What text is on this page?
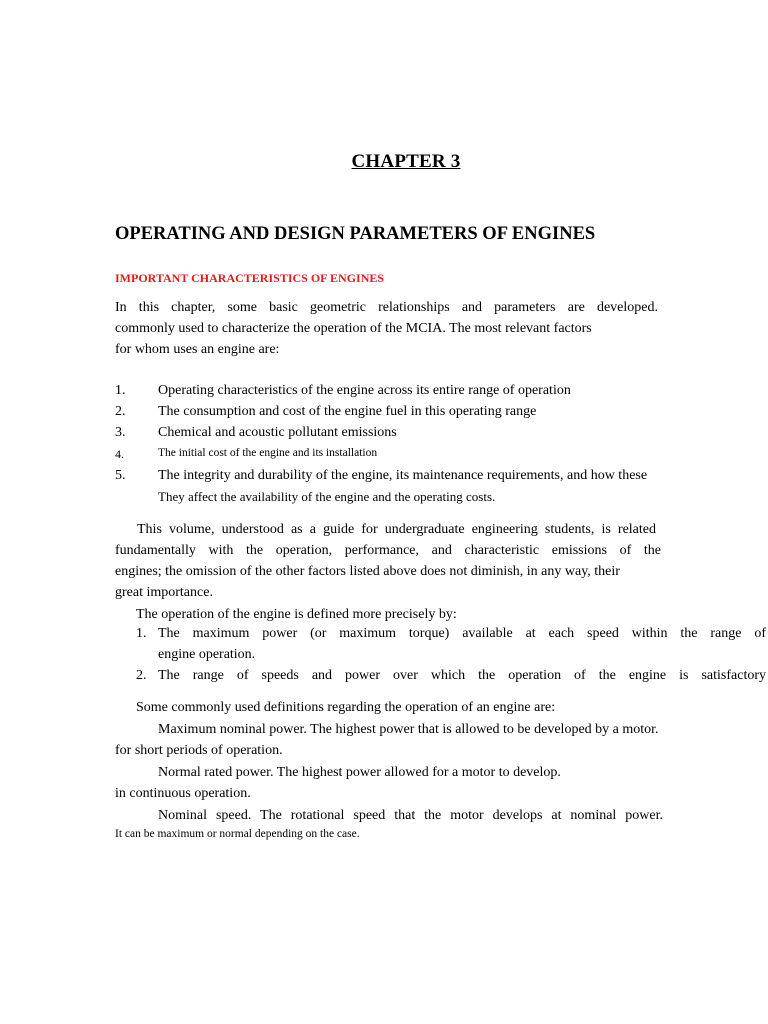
CHAPTER 3
OPERATING AND DESIGN PARAMETERS OF ENGINES
IMPORTANT CHARACTERISTICS OF ENGINES
In this chapter, some basic geometric relationships and parameters are developed.
commonly used to characterize the operation of the MCIA. The most relevant factors
for whom uses an engine are:
1. Operating characteristics of the engine across its entire range of operation
2. The consumption and cost of the engine fuel in this operating range
3. Chemical and acoustic pollutant emissions
4.	The initial cost of the engine and its installation
5. The integrity and durability of the engine, its maintenance requirements, and how these
They affect the availability of the engine and the operating costs.
This volume, understood as a guide for undergraduate engineering students, is related
fundamentally with the operation, performance, and characteristic emissions of the
engines; the omission of the other factors listed above does not diminish, in any way, their
great importance.
The operation of the engine is defined more precisely by:
1. The maximum power (or maximum torque) available at each speed within the range of
engine operation.
2. The range of speeds and power over which the operation of the engine is satisfactory
Some commonly used definitions regarding the operation of an engine are:
Maximum nominal power. The highest power that is allowed to be developed by a motor.
for short periods of operation.
Normal rated power. The highest power allowed for a motor to develop.
in continuous operation.
Nominal speed. The rotational speed that the motor develops at nominal power.
It can be maximum or normal depending on the case.
